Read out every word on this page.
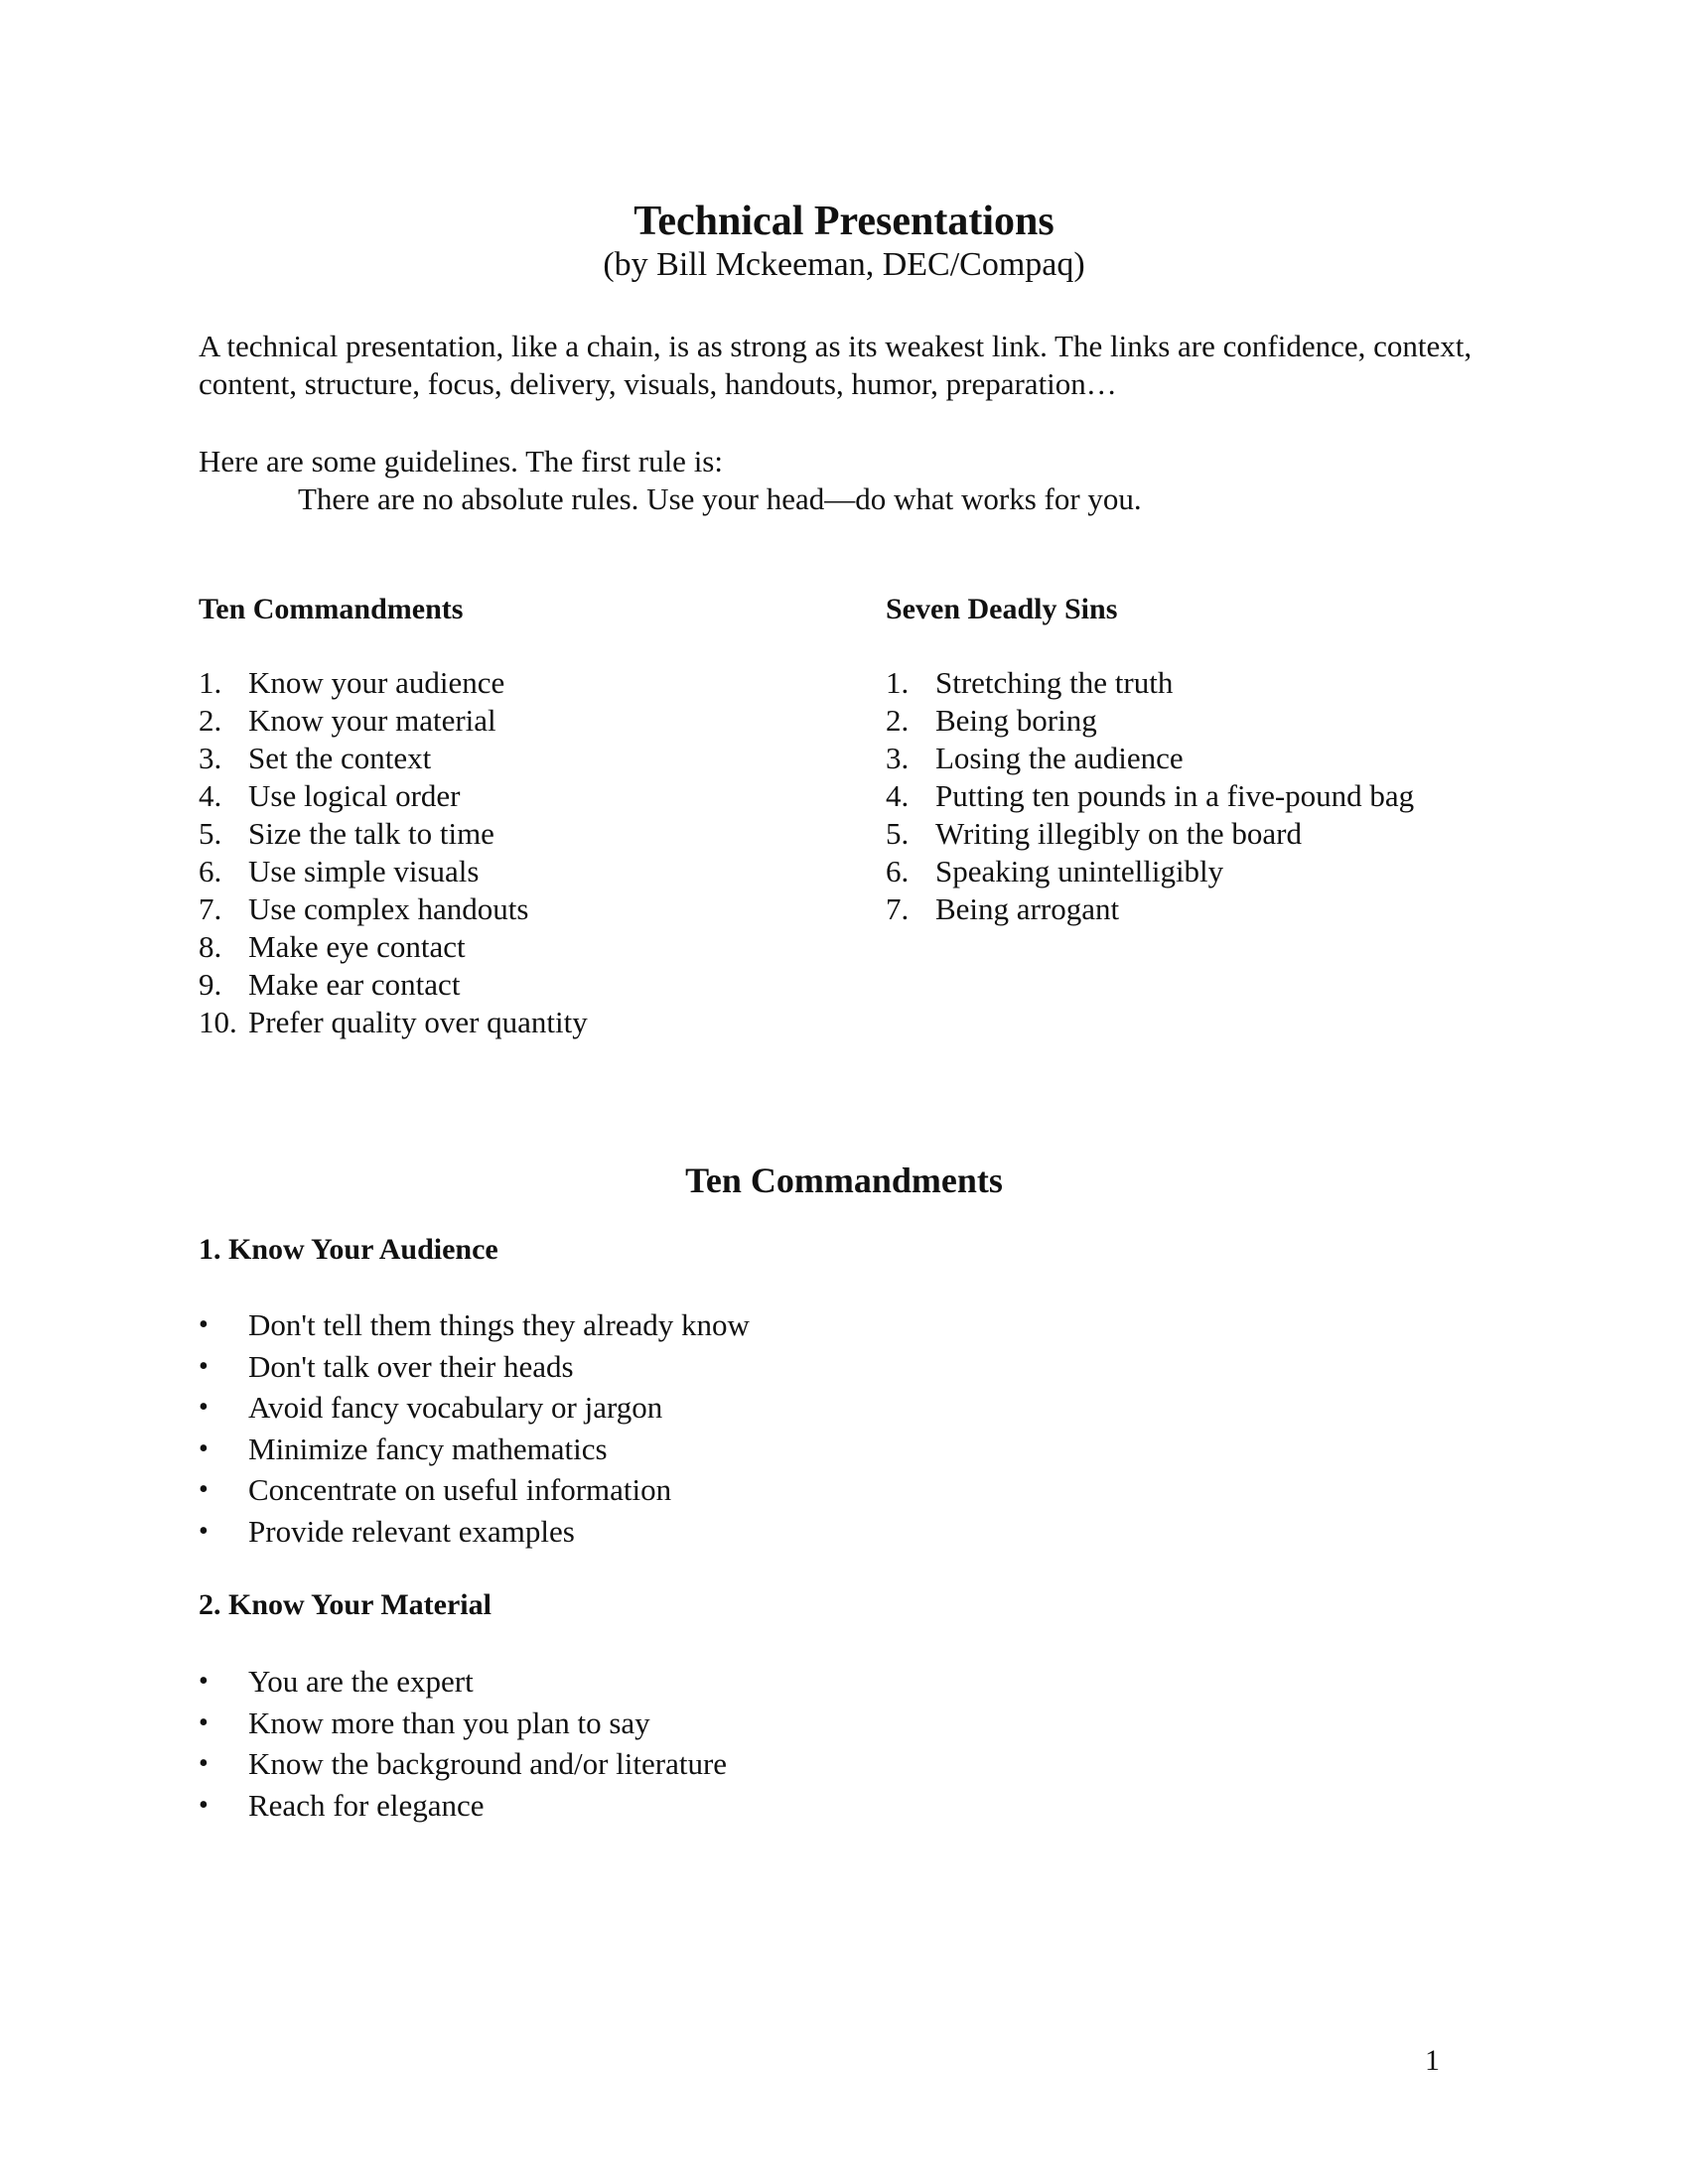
Technical Presentations

(by Bill Mckeeman, DEC/Compaq)

A technical presentation, like a chain, is as strong as its weakest link. The links are confidence, context, content, structure, focus, delivery, visuals, handouts, humor, preparation…

Here are some guidelines. The first rule is:
There are no absolute rules. Use your head—do what works for you.

Ten Commandments
1. Know your audience
2. Know your material
3. Set the context
4. Use logical order
5. Size the talk to time
6. Use simple visuals
7. Use complex handouts
8. Make eye contact
9. Make ear contact
10. Prefer quality over quantity
Seven Deadly Sins
1. Stretching the truth
2. Being boring
3. Losing the audience
4. Putting ten pounds in a five-pound bag
5. Writing illegibly on the board
6. Speaking unintelligibly
7. Being arrogant
Ten Commandments
1. Know Your Audience
• Don't tell them things they already know
• Don't talk over their heads
• Avoid fancy vocabulary or jargon
• Minimize fancy mathematics
• Concentrate on useful information
• Provide relevant examples
2. Know Your Material
• You are the expert
• Know more than you plan to say
• Know the background and/or literature
• Reach for elegance

1
